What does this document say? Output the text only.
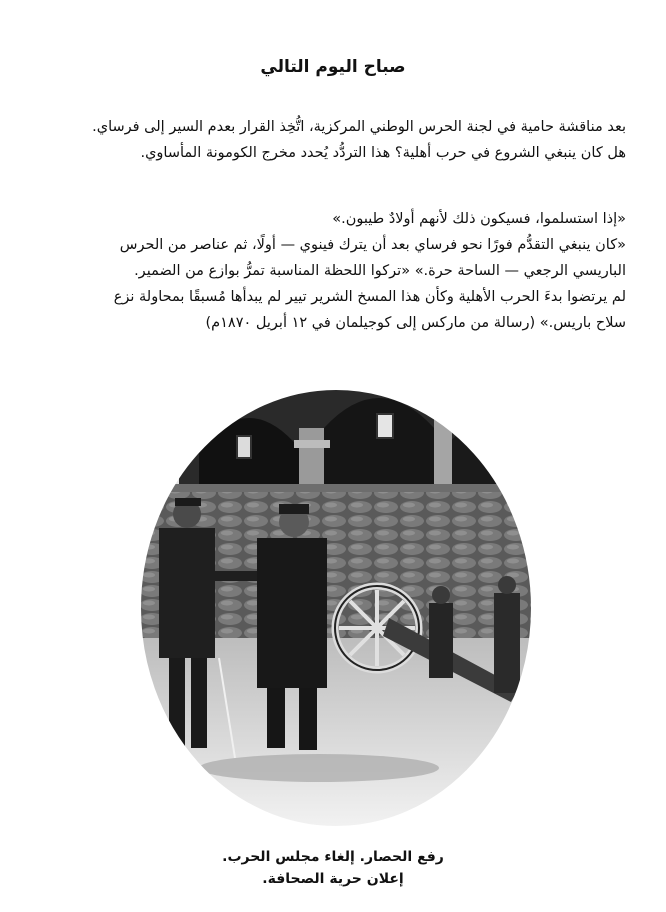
صباح اليوم التالي

بعد مناقشة حامية في لجنة الحرس الوطني المركزية، اتُّخِذ القرار بعدم السير إلى فرساي.

هل كان ينبغي الشروع في حرب أهلية؟ هذا التردُّد يُحدد مخرج الكومونة المأساوي.

«إذا استسلموا، فسيكون ذلك لأنهم أولادٌ طيبون.»

«كان ينبغي التقدُّم فورًا نحو فرساي بعد أن يترك فينوي — أولًا، ثم عناصر من الحرس

الباريسي الرجعي — الساحة حرة.» «تركوا اللحظة المناسبة تمرُّ بوازع من الضمير.

لم يرتضوا بدءَ الحرب الأهلية وكأن هذا المسخ الشرير تيير لم يبدأها مُسبقًا بمحاولة نزع

سلاح باريس.» (رسالة من ماركس إلى كوجيلمان في ١٢ أبريل ١٨٧٠م)

رفع الحصار. إلغاء مجلس الحرب.

إعلان حرية الصحافة.
